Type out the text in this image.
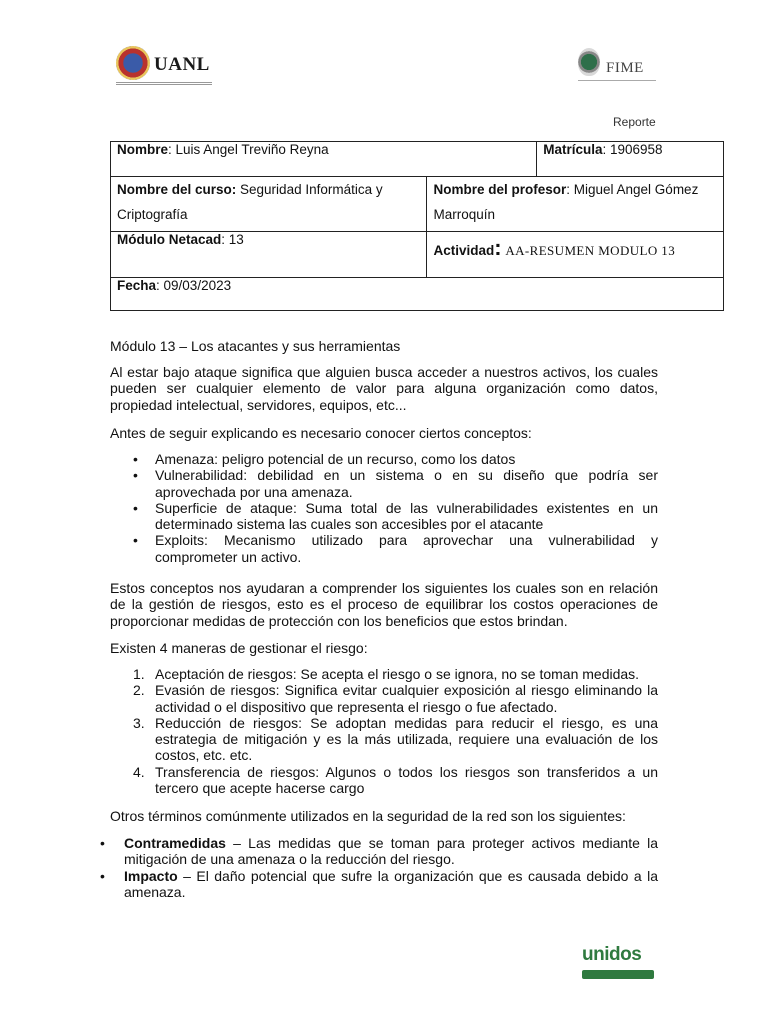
UANL	FIME
Reporte
Nombre: Luis Angel Treviño Reyna		Matrícula: 1906958
Nombre del curso: Seguridad Informática y Criptografía	Nombre del profesor: Miguel Angel Gómez Marroquín	
Módulo Netacad: 13	Actividad: AA-RESUMEN MODULO 13	
Fecha: 09/03/2023		
Módulo 13 – Los atacantes y sus herramientas
Al estar bajo ataque significa que alguien busca acceder a nuestros activos, los cuales pueden ser cualquier elemento de valor para alguna organización como datos, propiedad intelectual, servidores, equipos, etc...
Antes de seguir explicando es necesario conocer ciertos conceptos:
• Amenaza: peligro potencial de un recurso, como los datos
• Vulnerabilidad: debilidad en un sistema o en su diseño que podría ser aprovechada por una amenaza.
• Superficie de ataque: Suma total de las vulnerabilidades existentes en un determinado sistema las cuales son accesibles por el atacante
• Exploits: Mecanismo utilizado para aprovechar una vulnerabilidad y comprometer un activo.
Estos conceptos nos ayudaran a comprender los siguientes los cuales son en relación de la gestión de riesgos, esto es el proceso de equilibrar los costos operaciones de proporcionar medidas de protección con los beneficios que estos brindan.
Existen 4 maneras de gestionar el riesgo:
1. Aceptación de riesgos: Se acepta el riesgo o se ignora, no se toman medidas.
2. Evasión de riesgos: Significa evitar cualquier exposición al riesgo eliminando la actividad o el dispositivo que representa el riesgo o fue afectado.
3. Reducción de riesgos: Se adoptan medidas para reducir el riesgo, es una estrategia de mitigación y es la más utilizada, requiere una evaluación de los costos, etc. etc.
4. Transferencia de riesgos: Algunos o todos los riesgos son transferidos a un tercero que acepte hacerse cargo
Otros términos comúnmente utilizados en la seguridad de la red son los siguientes:
• Contramedidas – Las medidas que se toman para proteger activos mediante la mitigación de una amenaza o la reducción del riesgo.
• Impacto – El daño potencial que sufre la organización que es causada debido a la amenaza.
unidos
